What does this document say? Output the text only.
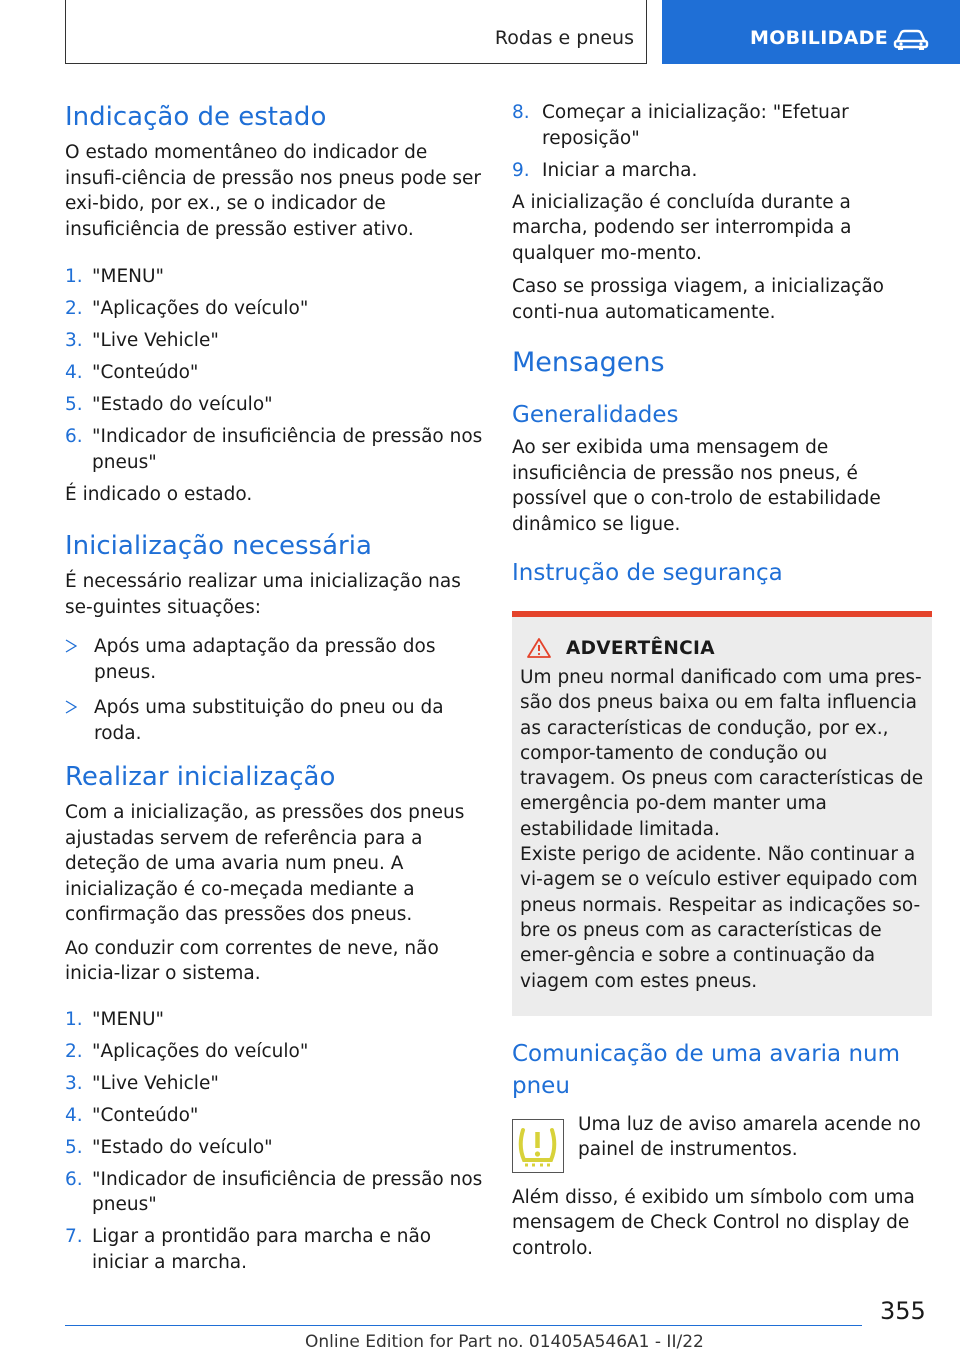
Rodas e pneus	MOBILIDADE
Indicação de estado

O estado momentâneo do indicador de insufi-ciência de pressão nos pneus pode ser exi-bido, por ex., se o indicador de insuficiência de pressão estiver ativo.

1. "MENU"
2. "Aplicações do veículo"
3. "Live Vehicle"
4. "Conteúdo"
5. "Estado do veículo"
6. "Indicador de insuficiência de pressão nos pneus"

É indicado o estado.

Inicialização necessária

É necessário realizar uma inicialização nas se-guintes situações:

Após uma adaptação da pressão dos pneus.
Após uma substituição do pneu ou da roda.
Realizar inicialização

Com a inicialização, as pressões dos pneus ajustadas servem de referência para a deteção de uma avaria num pneu. A inicialização é co-meçada mediante a confirmação das pressões dos pneus.

Ao conduzir com correntes de neve, não inicia-lizar o sistema.

1. "MENU"
2. "Aplicações do veículo"
3. "Live Vehicle"
4. "Conteúdo"
5. "Estado do veículo"
6. "Indicador de insuficiência de pressão nos pneus"
7. Ligar a prontidão para marcha e não iniciar a marcha.
8. Começar a inicialização: "Efetuar reposição"
9. Iniciar a marcha.

A inicialização é concluída durante a marcha, podendo ser interrompida a qualquer mo-mento.

Caso se prossiga viagem, a inicialização conti-nua automaticamente.

Mensagens
Generalidades

Ao ser exibida uma mensagem de insuficiência de pressão nos pneus, é possível que o con-trolo de estabilidade dinâmico se ligue.

Instrução de segurança
ADVERTÊNCIA

Um pneu normal danificado com uma pres-são dos pneus baixa ou em falta influencia as características de condução, por ex., compor-tamento de condução ou travagem. Os pneus com características de emergência po-dem manter uma estabilidade limitada.

Existe perigo de acidente. Não continuar a vi-agem se o veículo estiver equipado com pneus normais. Respeitar as indicações so-bre os pneus com as características de emer-gência e sobre a continuação da viagem com estes pneus.

Comunicação de uma avaria num pneu

Uma luz de aviso amarela acende no painel de instrumentos.

Além disso, é exibido um símbolo com uma mensagem de Check Control no display de controlo.

355
Online Edition for Part no. 01405A546A1 - II/22
